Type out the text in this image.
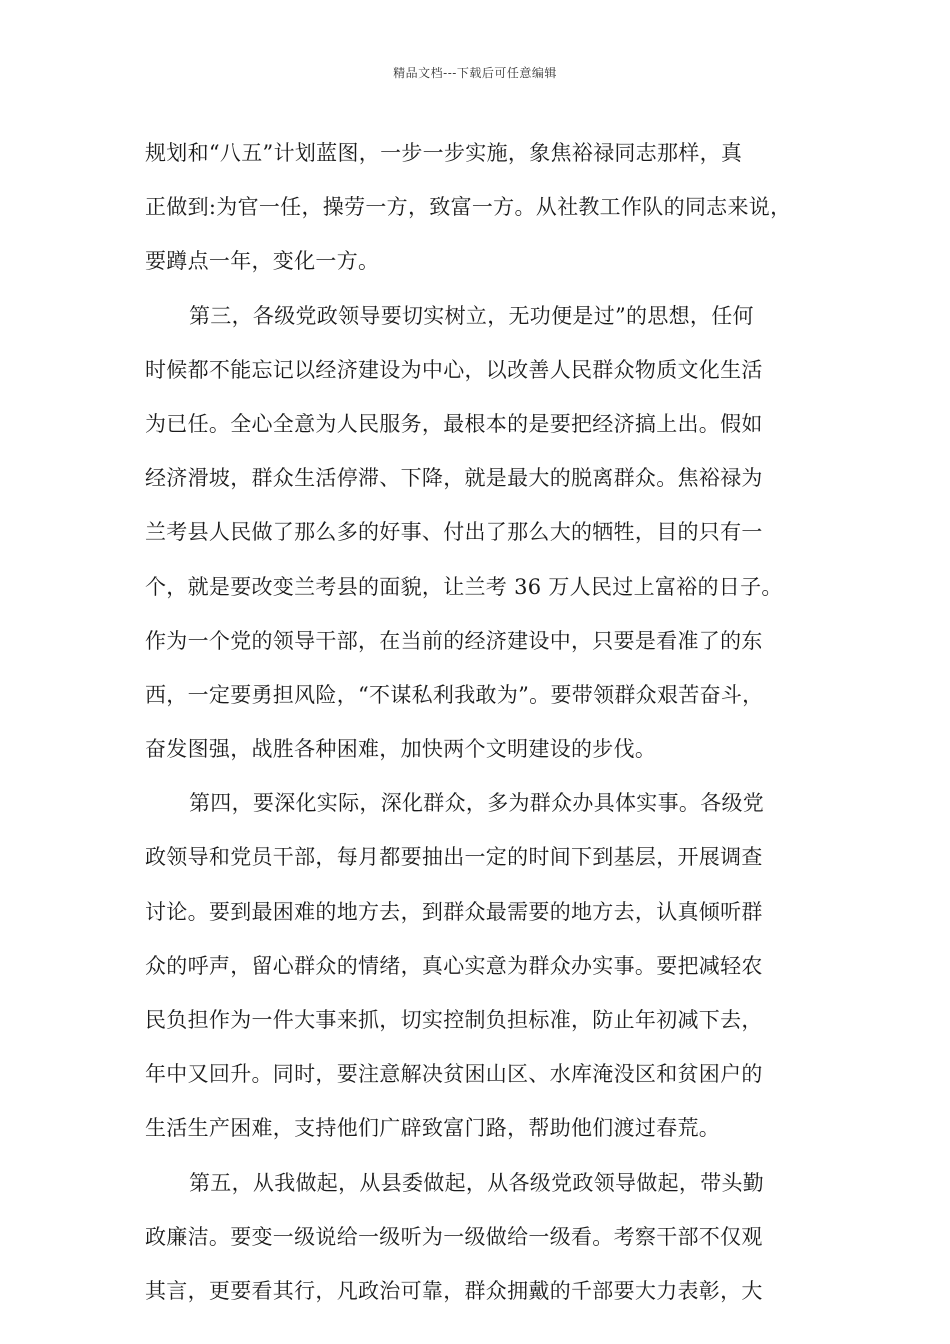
精品文档---下载后可任意编辑
规划和“八五”计划蓝图，一步一步实施，象焦裕禄同志那样，真
正做到:为官一任，操劳一方，致富一方。从社教工作队的同志来说，
要蹲点一年，变化一方。
第三，各级党政领导要切实树立，无功便是过”的思想，任何
时候都不能忘记以经济建设为中心，以改善人民群众物质文化生活
为已任。全心全意为人民服务，最根本的是要把经济搞上出。假如
经济滑坡，群众生活停滞、下降，就是最大的脱离群众。焦裕禄为
兰考县人民做了那么多的好事、付出了那么大的牺牲，目的只有一
个，就是要改变兰考县的面貌，让兰考 36 万人民过上富裕的日子。
作为一个党的领导干部，在当前的经济建设中，只要是看准了的东
西，一定要勇担风险，“不谋私利我敢为”。要带领群众艰苦奋斗，
奋发图强，战胜各种困难，加快两个文明建设的步伐。
第四，要深化实际，深化群众，多为群众办具体实事。各级党
政领导和党员干部，每月都要抽出一定的时间下到基层，开展调查
讨论。要到最困难的地方去，到群众最需要的地方去，认真倾听群
众的呼声，留心群众的情绪，真心实意为群众办实事。要把减轻农
民负担作为一件大事来抓，切实控制负担标准，防止年初减下去，
年中又回升。同时，要注意解决贫困山区、水库淹没区和贫困户的
生活生产困难，支持他们广辟致富门路，帮助他们渡过春荒。
第五，从我做起，从县委做起，从各级党政领导做起，带头勤
政廉洁。要变一级说给一级听为一级做给一级看。考察干部不仅观
其言，更要看其行，凡政治可靠，群众拥戴的千部要大力表彰，大
